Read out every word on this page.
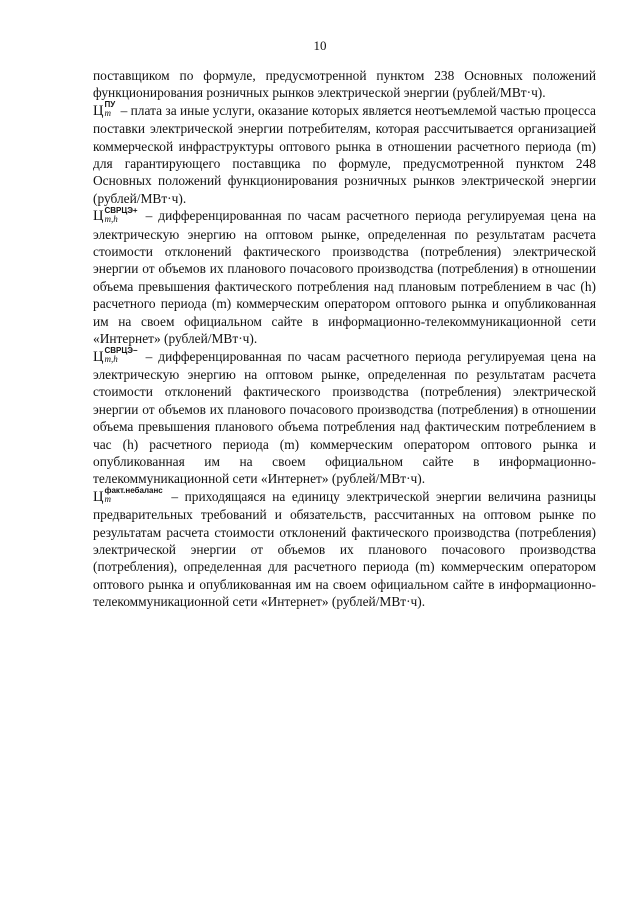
10

поставщиком по формуле, предусмотренной пунктом 238 Основных положений функционирования розничных рынков электрической энергии (рублей/МВт·ч).

Ц ПУ
m – плата за иные услуги, оказание которых является неотъемлемой частью процесса поставки электрической энергии потребителям, которая рассчитывается организацией коммерческой инфраструктуры оптового рынка в отношении расчетного периода (m) для гарантирующего поставщика по формуле, предусмотренной пунктом 248 Основных положений функционирования розничных рынков электрической энергии (рублей/МВт·ч).

Ц СВРЦЭ+
m,h	– дифференцированная по часам расчетного периода регулируемая цена на электрическую энергию на оптовом рынке, определенная по результатам расчета стоимости отклонений фактического производства (потребления) электрической энергии от объемов их планового почасового производства (потребления) в отношении объема превышения фактического потребления над плановым потреблением в час (h) расчетного периода (m) коммерческим оператором оптового рынка и опубликованная им на своем официальном сайте в информационно-телекоммуникационной сети «Интернет» (рублей/МВт·ч).

Ц СВРЦЭ−
m,h	– дифференцированная по часам расчетного периода регулируемая цена на электрическую энергию на оптовом рынке, определенная по результатам расчета стоимости отклонений фактического производства (потребления) электрической энергии от объемов их планового почасового производства (потребления) в отношении объема превышения планового объема потребления над фактическим потреблением в час (h) расчетного периода (m) коммерческим оператором оптового рынка и опубликованная им на своем официальном сайте в информационно-телекоммуникационной сети «Интернет» (рублей/МВт·ч).

Ц факт.небаланс
m	– приходящаяся на единицу электрической энергии величина разницы предварительных требований и обязательств, рассчитанных на оптовом рынке по результатам расчета стоимости отклонений фактического производства (потребления) электрической энергии от объемов их планового почасового производства (потребления), определенная для расчетного периода (m) коммерческим оператором оптового рынка и опубликованная им на своем официальном сайте в информационно-телекоммуникационной сети «Интернет» (рублей/МВт·ч).
